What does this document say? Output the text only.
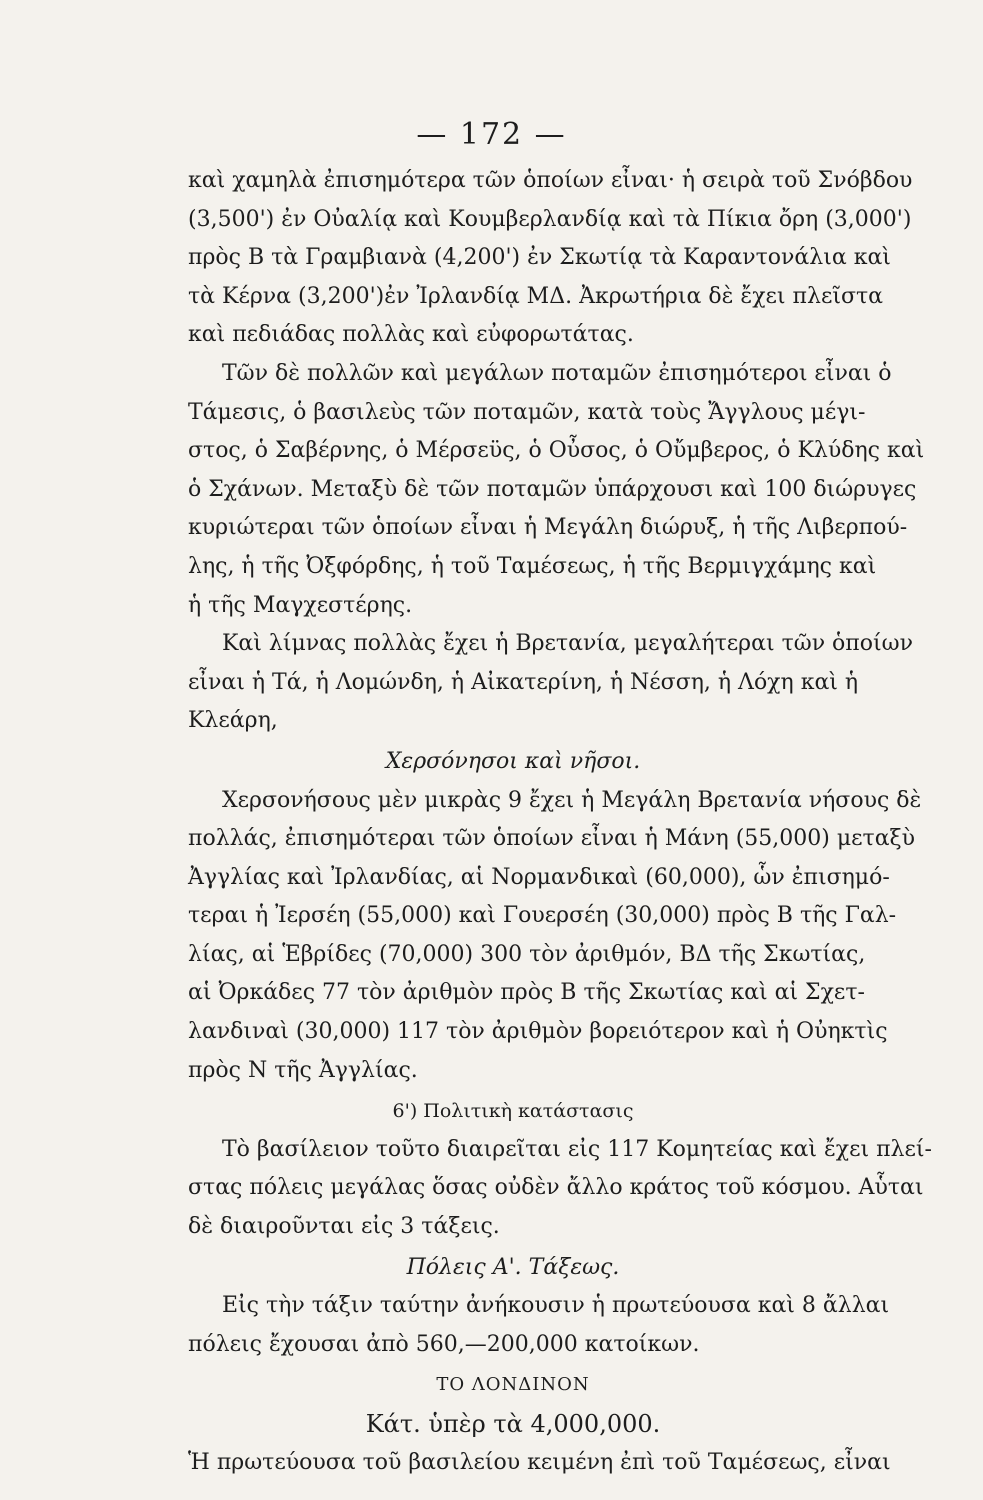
— 172 —
καὶ χαμηλὰ ἐπισημότερα τῶν ὁποίων εἶναι· ἡ σειρὰ τοῦ Σνόβδου
(3,500') ἐν Οὐαλίᾳ καὶ Κουμβερλανδίᾳ καὶ τὰ Πίκια ὄρη (3,000')
πρὸς Β τὰ Γραμβιανὰ (4,200') ἐν Σκωτίᾳ τὰ Καραντονάλια καὶ
τὰ Κέρνα (3,200')ἐν Ἰρλανδίᾳ ΜΔ. Ἀκρωτήρια δὲ ἔχει πλεῖστα
καὶ πεδιάδας πολλὰς καὶ εὐφορωτάτας.
Τῶν δὲ πολλῶν καὶ μεγάλων ποταμῶν ἐπισημότεροι εἶναι ὁ
Τάμεσις, ὁ βασιλεὺς τῶν ποταμῶν, κατὰ τοὺς Ἄγγλους μέγι-
στος, ὁ Σαβέρνης, ὁ Μέρσεϋς, ὁ Οὖσος, ὁ Οὔμβερος, ὁ Κλύδης καὶ
ὁ Σχάνων. Μεταξὺ δὲ τῶν ποταμῶν ὑπάρχουσι καὶ 100 διώρυγες
κυριώτεραι τῶν ὁποίων εἶναι ἡ Μεγάλη διώρυξ, ἡ τῆς Λιβερπού-
λης, ἡ τῆς Ὀξφόρδης, ἡ τοῦ Ταμέσεως, ἡ τῆς Βερμιγχάμης καὶ
ἡ τῆς Μαγχεστέρης.
Καὶ λίμνας πολλὰς ἔχει ἡ Βρετανία, μεγαλήτεραι τῶν ὁποίων
εἶναι ἡ Τά, ἡ Λομώνδη, ἡ Αἰκατερίνη, ἡ Νέσση, ἡ Λόχη καὶ ἡ
Κλεάρη,
Χερσόνησοι καὶ νῆσοι.
Χερσονήσους μὲν μικρὰς 9 ἔχει ἡ Μεγάλη Βρετανία νήσους δὲ
πολλάς, ἐπισημότεραι τῶν ὁποίων εἶναι ἡ Μάνη (55,000) μεταξὺ
Ἀγγλίας καὶ Ἰρλανδίας, αἱ Νορμανδικαὶ (60,000), ὧν ἐπισημό-
τεραι ἡ Ἰερσέη (55,000) καὶ Γουερσέη (30,000) πρὸς Β τῆς Γαλ-
λίας, αἱ Ἑβρίδες (70,000) 300 τὸν ἀριθμόν, ΒΔ τῆς Σκωτίας,
αἱ Ὀρκάδες 77 τὸν ἀριθμὸν πρὸς Β τῆς Σκωτίας καὶ αἱ Σχετ-
λανδιναὶ (30,000) 117 τὸν ἀριθμὸν βορειότερον καὶ ἡ Οὐηκτὶς
πρὸς Ν τῆς Ἀγγλίας.
6') Πολιτικὴ κατάστασις
Τὸ βασίλειον τοῦτο διαιρεῖται εἰς 117 Κομητείας καὶ ἔχει πλεί-
στας πόλεις μεγάλας ὅσας οὐδὲν ἄλλο κράτος τοῦ κόσμου. Αὗται
δὲ διαιροῦνται εἰς 3 τάξεις.
Πόλεις Α'. Τάξεως.
Εἰς τὴν τάξιν ταύτην ἀνήκουσιν ἡ πρωτεύουσα καὶ 8 ἄλλαι
πόλεις ἔχουσαι ἀπὸ 560,—200,000 κατοίκων.
ΤΟ ΛΟΝΔΙΝΟΝ
Κάτ. ὑπὲρ τὰ 4,000,000.
Ἡ πρωτεύουσα τοῦ βασιλείου κειμένη ἐπὶ τοῦ Ταμέσεως, εἶναι
